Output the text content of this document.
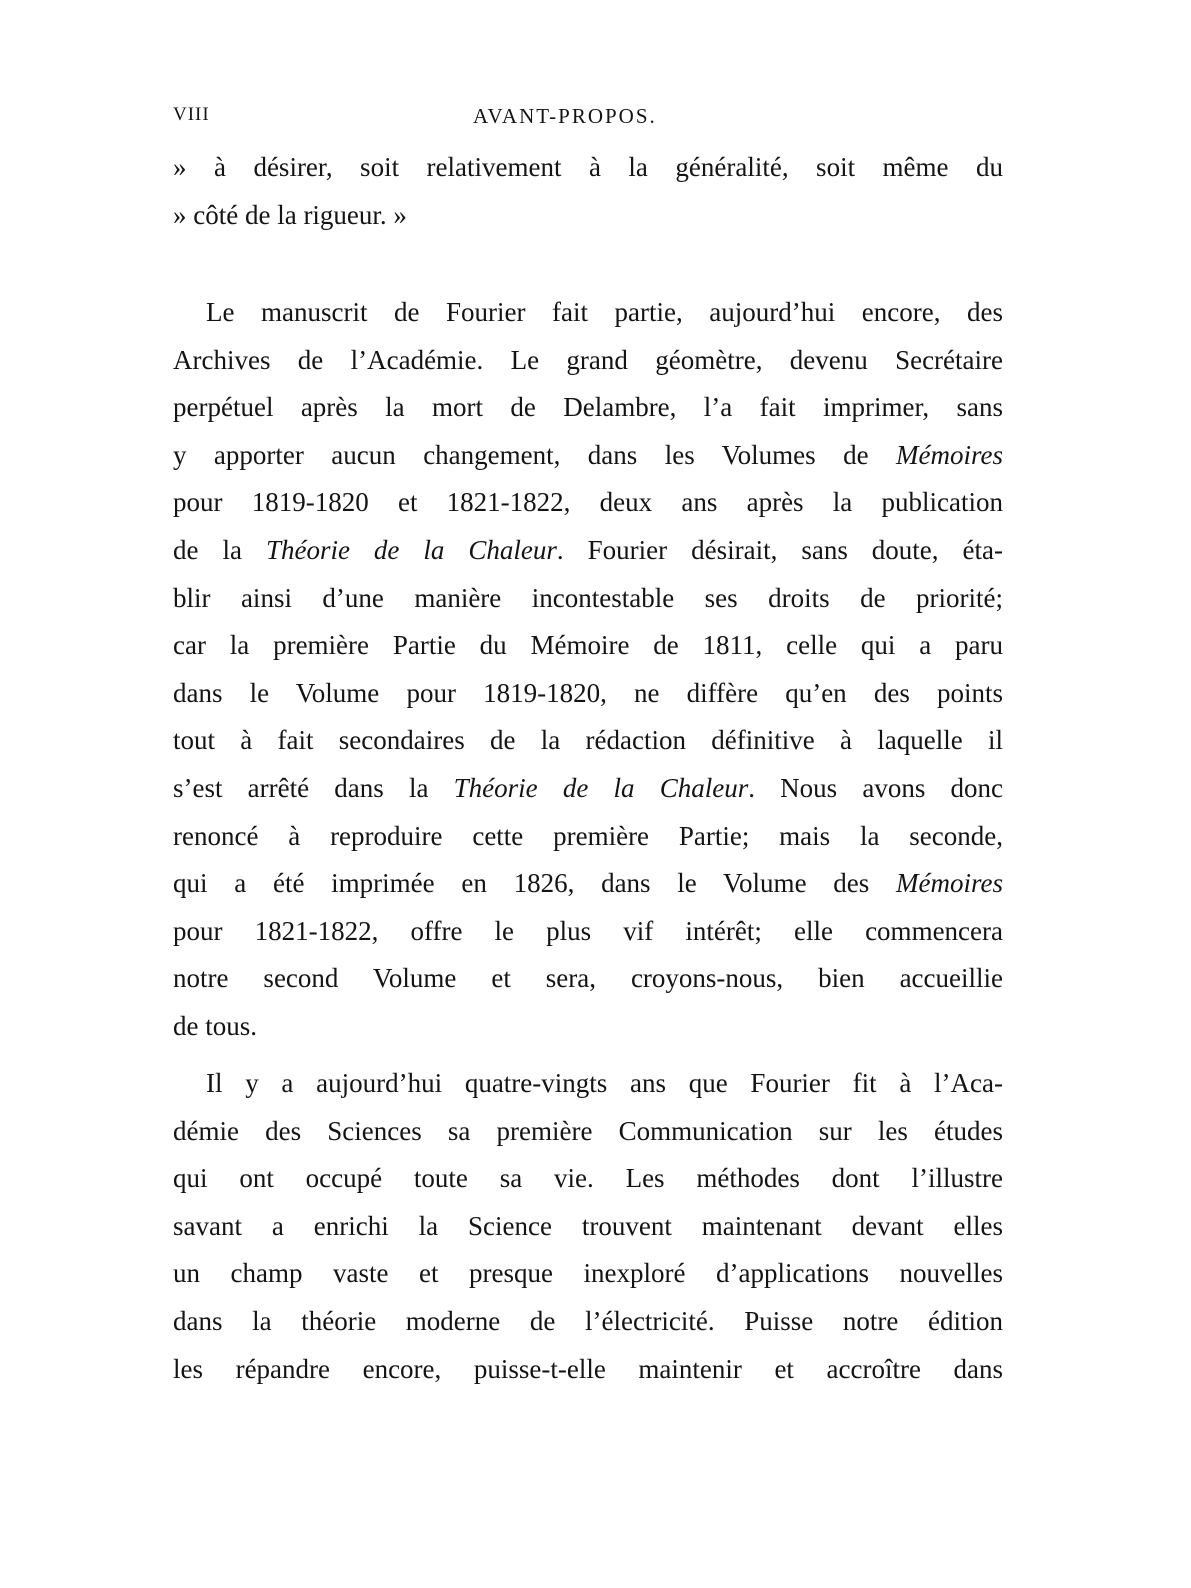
VIII	AVANT-PROPOS.
» à désirer, soit relativement à la généralité, soit même du
» côté de la rigueur. »
Le manuscrit de Fourier fait partie, aujourd’hui encore, des
Archives de l’Académie. Le grand géomètre, devenu Secrétaire
perpétuel après la mort de Delambre, l’a fait imprimer, sans
y apporter aucun changement, dans les Volumes de Mémoires
pour 1819-1820 et 1821-1822, deux ans après la publication
de la Théorie de la Chaleur. Fourier désirait, sans doute, éta-
blir ainsi d’une manière incontestable ses droits de priorité;
car la première Partie du Mémoire de 1811, celle qui a paru
dans le Volume pour 1819-1820, ne diffère qu’en des points
tout à fait secondaires de la rédaction définitive à laquelle il
s’est arrêté dans la Théorie de la Chaleur. Nous avons donc
renoncé à reproduire cette première Partie; mais la seconde,
qui a été imprimée en 1826, dans le Volume des Mémoires
pour 1821-1822, offre le plus vif intérêt; elle commencera
notre second Volume et sera, croyons-nous, bien accueillie
de tous.
Il y a aujourd’hui quatre-vingts ans que Fourier fit à l’Aca-
démie des Sciences sa première Communication sur les études
qui ont occupé toute sa vie. Les méthodes dont l’illustre
savant a enrichi la Science trouvent maintenant devant elles
un champ vaste et presque inexploré d’applications nouvelles
dans la théorie moderne de l’électricité. Puisse notre édition
les répandre encore, puisse-t-elle maintenir et accroître dans
